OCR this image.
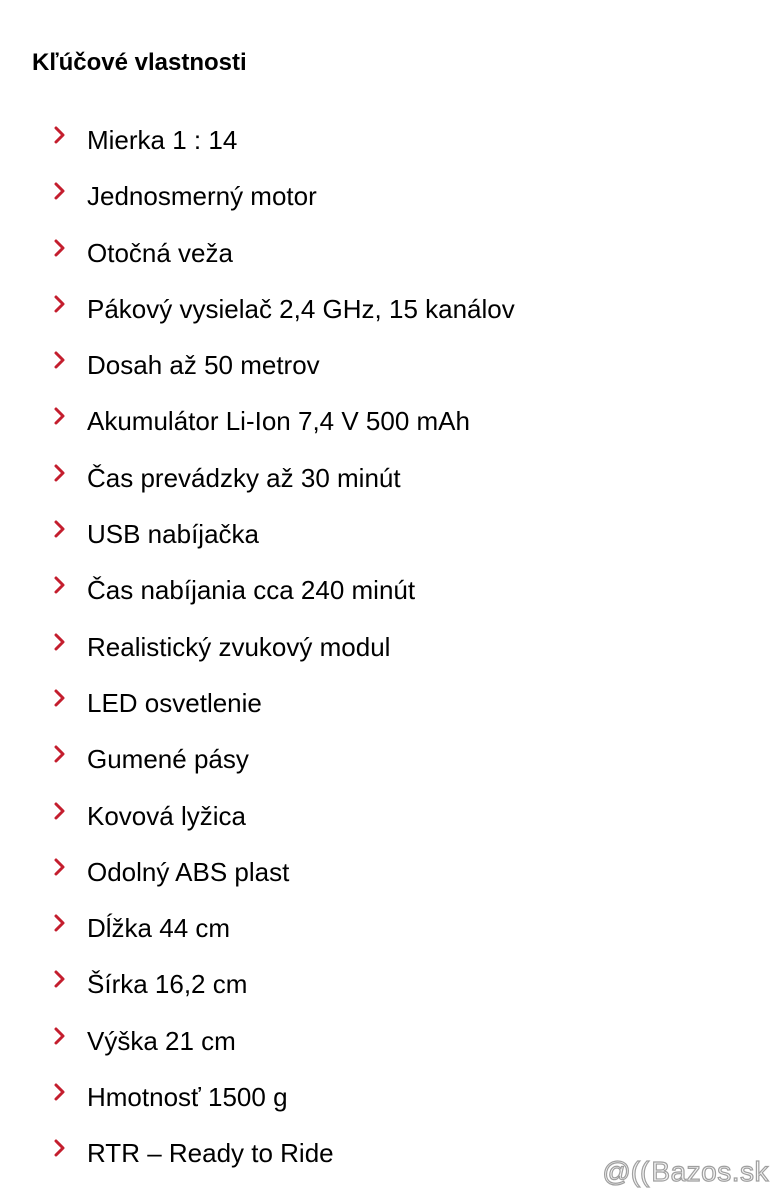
Kľúčové vlastnosti
Mierka 1 : 14
Jednosmerný motor
Otočná veža
Pákový vysielač 2,4 GHz, 15 kanálov
Dosah až 50 metrov
Akumulátor Li-Ion 7,4 V 500 mAh
Čas prevádzky až 30 minút
USB nabíjačka
Čas nabíjania cca 240 minút
Realistický zvukový modul
LED osvetlenie
Gumené pásy
Kovová lyžica
Odolný ABS plast
Dĺžka 44 cm
Šírka 16,2 cm
Výška 21 cm
Hmotnosť 1500 g
RTR – Ready to Ride
@(( Bazos.sk
